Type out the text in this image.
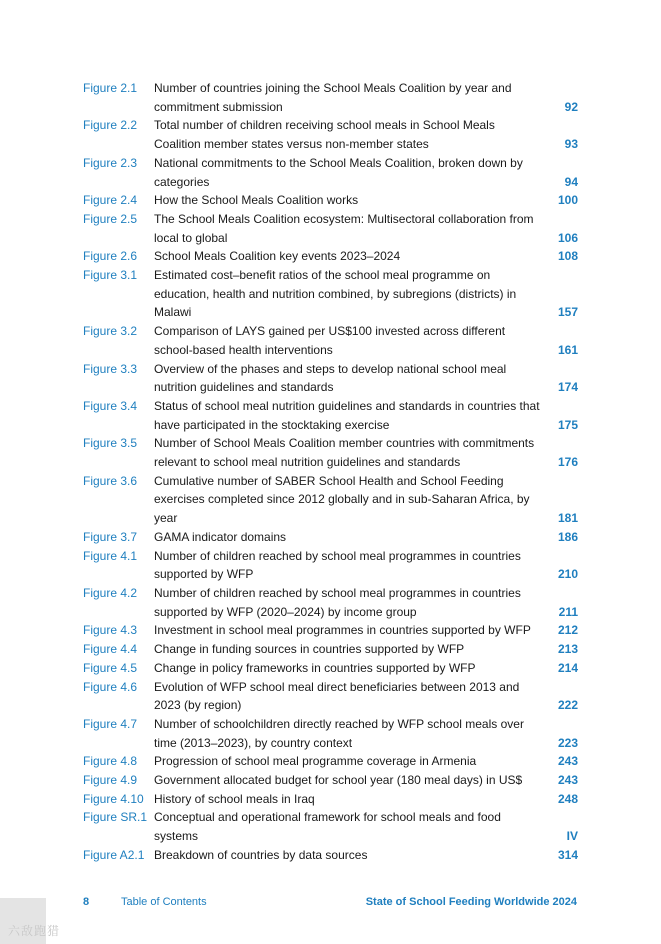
Figure 2.1 Number of countries joining the School Meals Coalition by year and commitment submission	92
Figure 2.2 Total number of children receiving school meals in School Meals Coalition member states versus non-member states	93
Figure 2.3 National commitments to the School Meals Coalition, broken down by categories	94
Figure 2.4 How the School Meals Coalition works	100
Figure 2.5 The School Meals Coalition ecosystem: Multisectoral collaboration from local to global	106
Figure 2.6 School Meals Coalition key events 2023–2024	108
Figure 3.1 Estimated cost–benefit ratios of the school meal programme on education, health and nutrition combined, by subregions (districts) in Malawi	157
Figure 3.2 Comparison of LAYS gained per US$100 invested across different school-based health interventions	161
Figure 3.3 Overview of the phases and steps to develop national school meal nutrition guidelines and standards	174
Figure 3.4 Status of school meal nutrition guidelines and standards in countries that have participated in the stocktaking exercise	175
Figure 3.5 Number of School Meals Coalition member countries with commitments relevant to school meal nutrition guidelines and standards	176
Figure 3.6 Cumulative number of SABER School Health and School Feeding exercises completed since 2012 globally and in sub-Saharan Africa, by year	181
Figure 3.7 GAMA indicator domains	186
Figure 4.1 Number of children reached by school meal programmes in countries supported by WFP	210
Figure 4.2 Number of children reached by school meal programmes in countries supported by WFP (2020–2024) by income group	211
Figure 4.3 Investment in school meal programmes in countries supported by WFP	212
Figure 4.4 Change in funding sources in countries supported by WFP	213
Figure 4.5 Change in policy frameworks in countries supported by WFP	214
Figure 4.6 Evolution of WFP school meal direct beneficiaries between 2013 and 2023 (by region)	222
Figure 4.7 Number of schoolchildren directly reached by WFP school meals over time (2013–2023), by country context	223
Figure 4.8 Progression of school meal programme coverage in Armenia	243
Figure 4.9 Government allocated budget for school year (180 meal days) in US$	243
Figure 4.10 History of school meals in Iraq	248
Figure SR.1 Conceptual and operational framework for school meals and food systems	IV
Figure A2.1 Breakdown of countries by data sources	314
8	Table of Contents	State of School Feeding Worldwide 2024
六敌跑猎
